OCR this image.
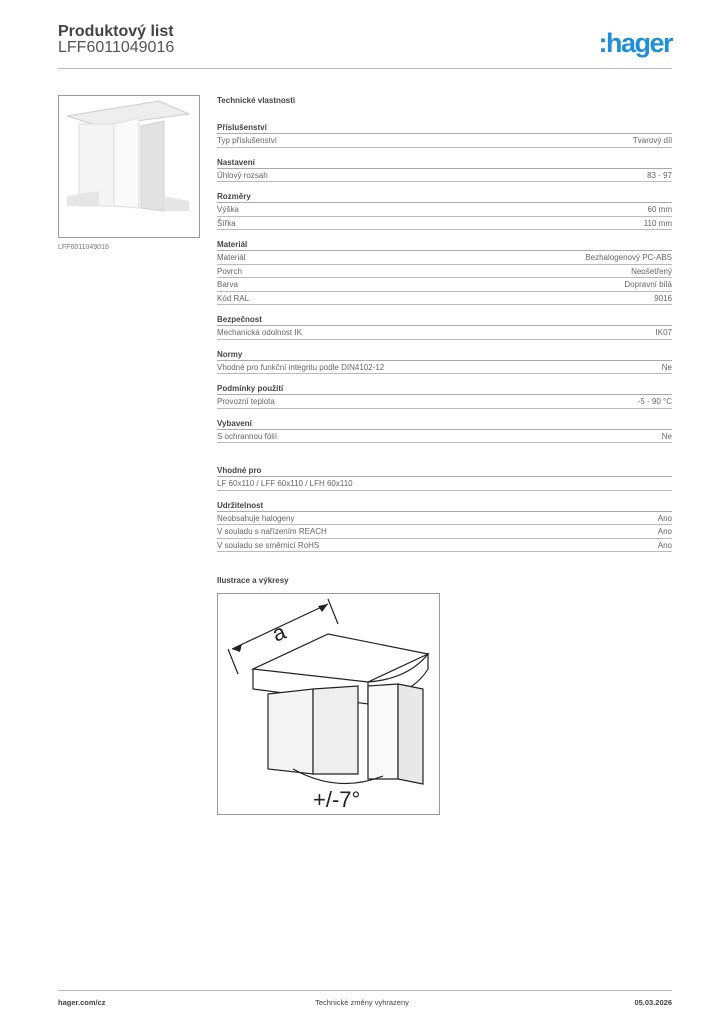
Produktový list
LFF6011049016	:hager
LFF6011049016
Technické vlastnosti
Příslušenství
Typ příslušenství	Tvarový díl
Nastavení
Úhlový rozsah	83 - 97
Rozměry
Výška	60 mm
Šířka	110 mm
Materiál
Materiál	Bezhalogenový PC-ABS
Povrch	Neošetřený
Barva	Dopravní bílá
Kód RAL	9016
Bezpečnost
Mechanická odolnost IK	IK07
Normy
Vhodné pro funkční integritu podle DIN4102-12	Ne
Podmínky použití
Provozní teplota	-5 - 90 °C
Vybavení
S ochrannou fólií	Ne
Vhodné pro
LF 60x110 / LFF 60x110 / LFH 60x110
Udržitelnost
Neobsahuje halogeny	Ano
V souladu s nařízením REACH	Ano
V souladu se směrnicí RoHS	Ano
Ilustrace a výkresy
a
+/-7°
hager.com/cz	Technické změny vyhrazeny	05.03.2026
